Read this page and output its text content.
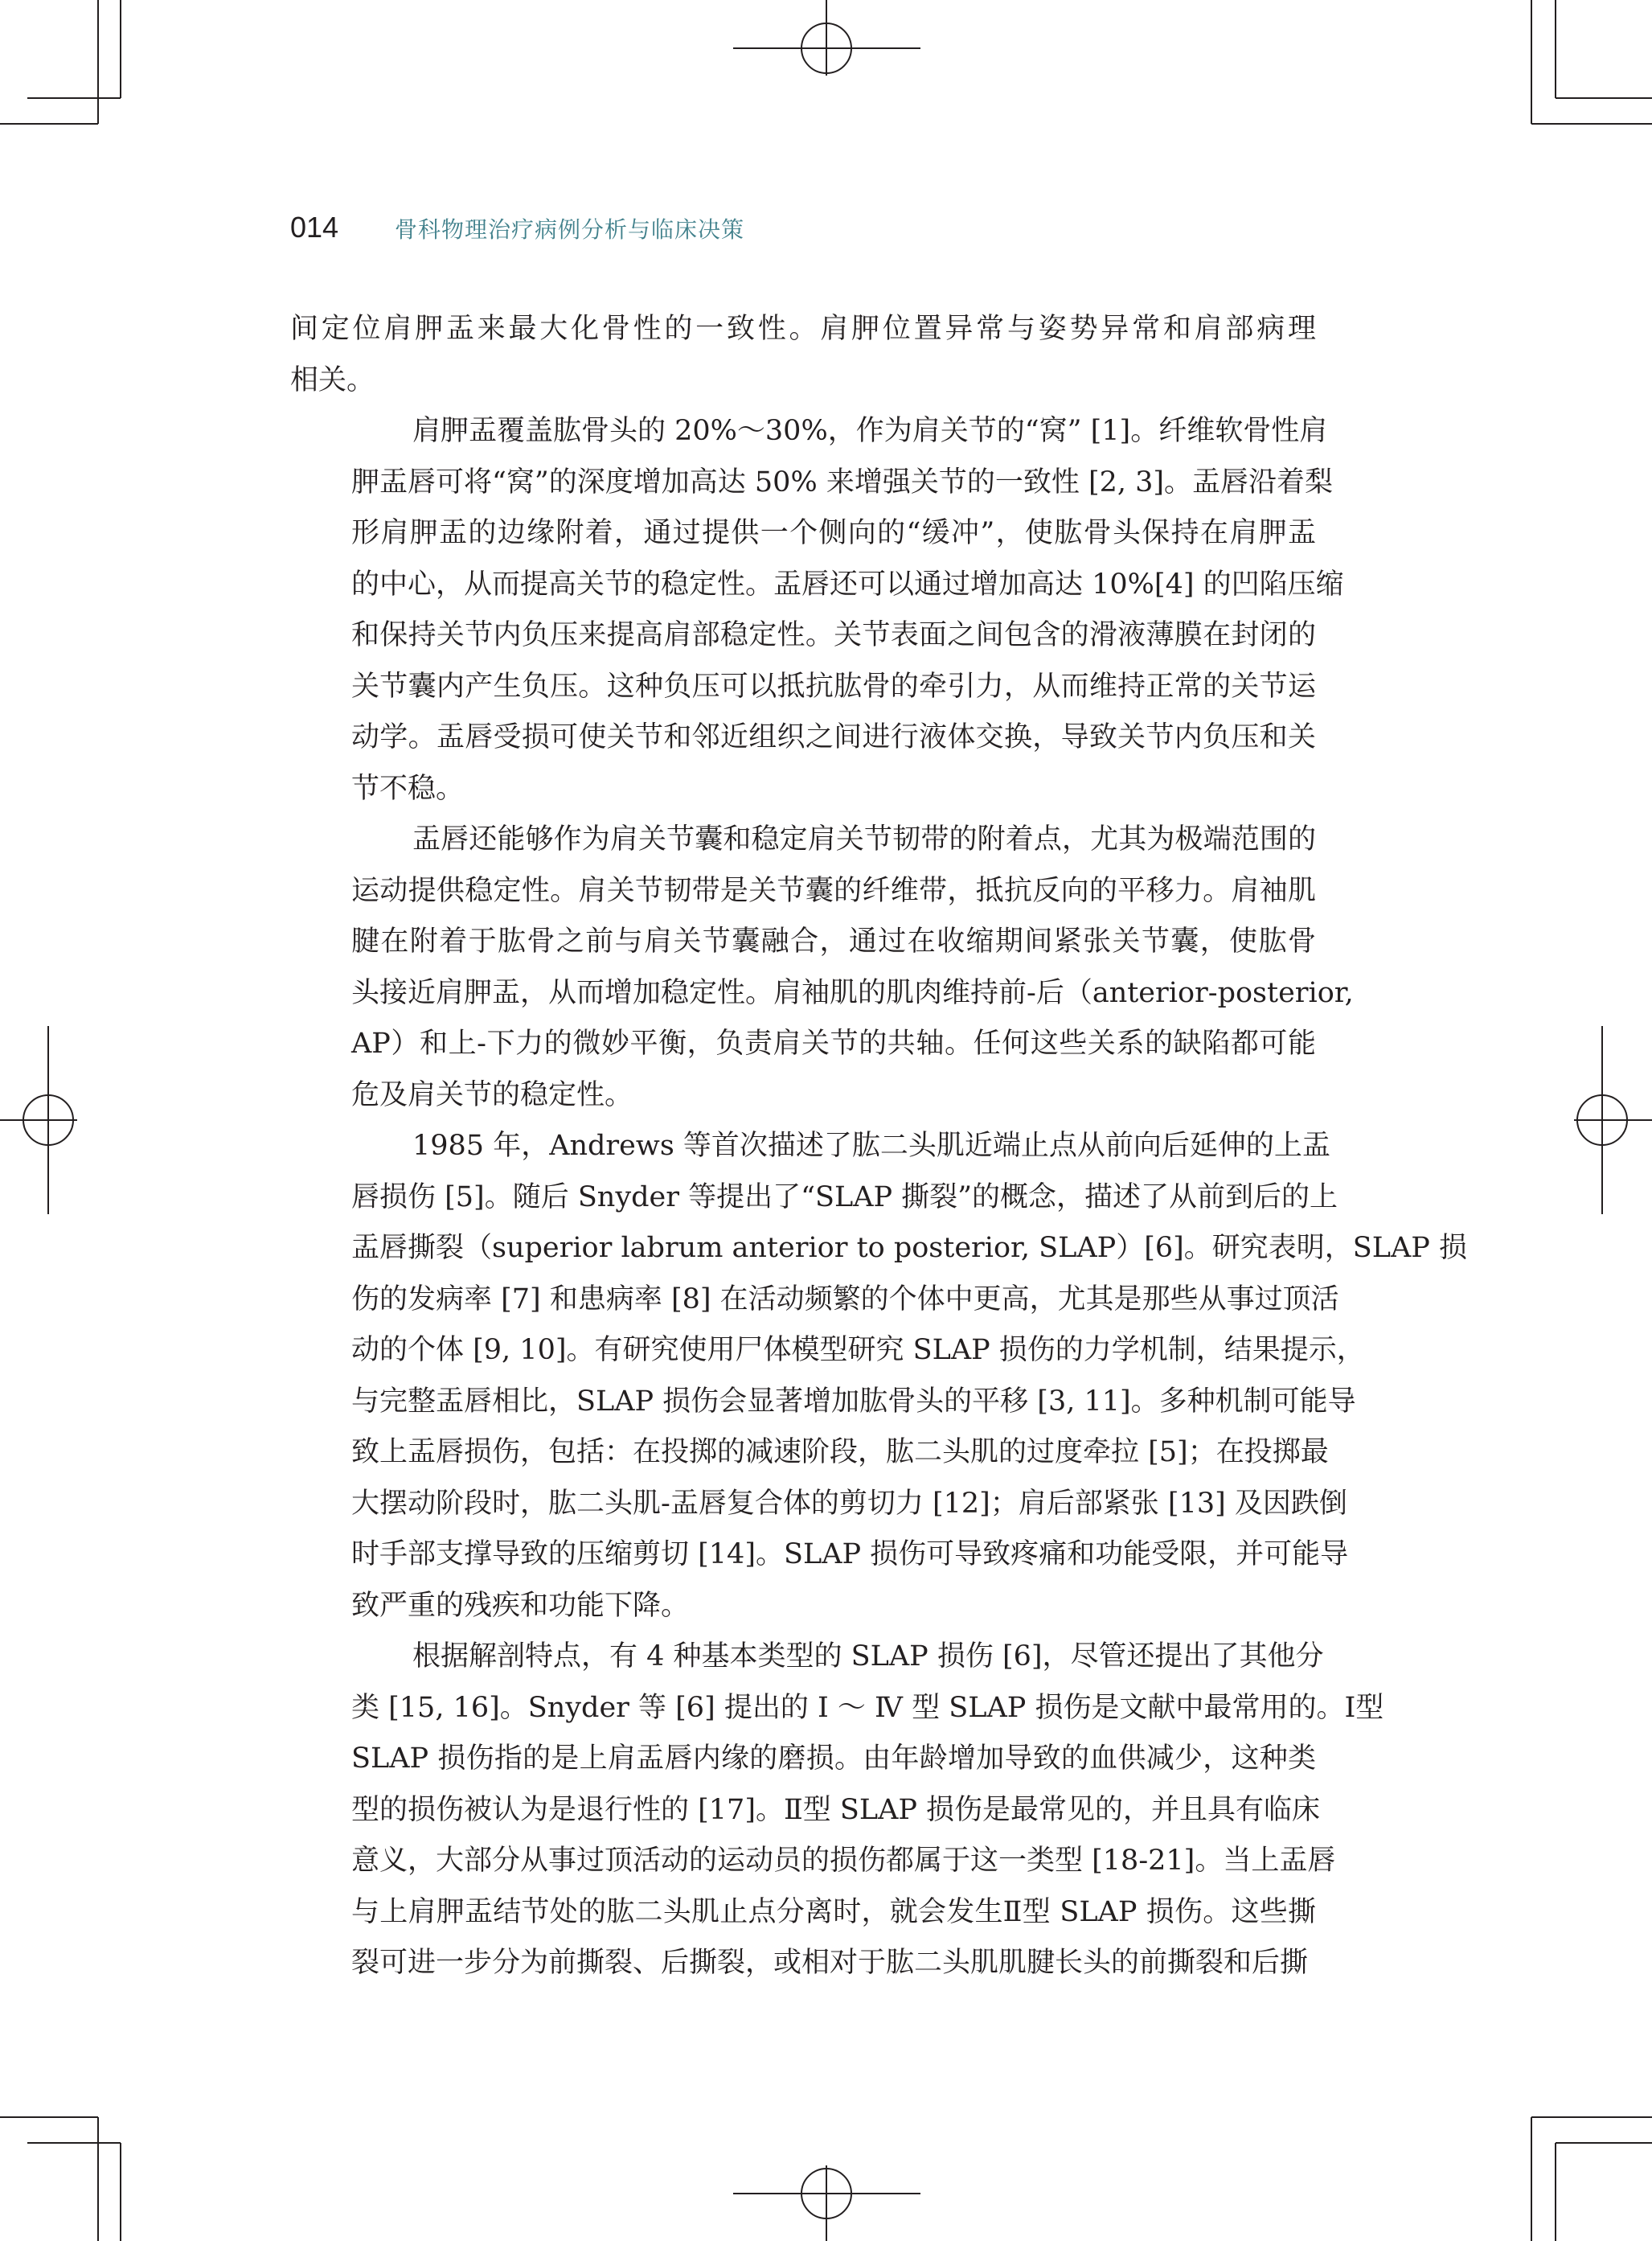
014	骨科物理治疗病例分析与临床决策
间定位肩胛盂来最大化骨性的一致性。肩胛位置异常与姿势异常和肩部病理
相关。
肩胛盂覆盖肱骨头的 20%～30%，作为肩关节的“窝” [1]。纤维软骨性肩
胛盂唇可将“窝”的深度增加高达 50% 来增强关节的一致性 [2, 3]。盂唇沿着梨
形肩胛盂的边缘附着，通过提供一个侧向的“缓冲”，使肱骨头保持在肩胛盂
的中心，从而提高关节的稳定性。盂唇还可以通过增加高达 10%[4] 的凹陷压缩
和保持关节内负压来提高肩部稳定性。关节表面之间包含的滑液薄膜在封闭的
关节囊内产生负压。这种负压可以抵抗肱骨的牵引力，从而维持正常的关节运
动学。盂唇受损可使关节和邻近组织之间进行液体交换，导致关节内负压和关
节不稳。
盂唇还能够作为肩关节囊和稳定肩关节韧带的附着点，尤其为极端范围的
运动提供稳定性。肩关节韧带是关节囊的纤维带，抵抗反向的平移力。肩袖肌
腱在附着于肱骨之前与肩关节囊融合，通过在收缩期间紧张关节囊，使肱骨
头接近肩胛盂，从而增加稳定性。肩袖肌的肌肉维持前-后（anterior-posterior,
AP）和上-下力的微妙平衡，负责肩关节的共轴。任何这些关系的缺陷都可能
危及肩关节的稳定性。
1985 年，Andrews 等首次描述了肱二头肌近端止点从前向后延伸的上盂
唇损伤 [5]。随后 Snyder 等提出了“SLAP 撕裂”的概念，描述了从前到后的上
盂唇撕裂（superior labrum anterior to posterior, SLAP）[6]。研究表明，SLAP 损
伤的发病率 [7] 和患病率 [8] 在活动频繁的个体中更高，尤其是那些从事过顶活
动的个体 [9, 10]。有研究使用尸体模型研究 SLAP 损伤的力学机制，结果提示，
与完整盂唇相比，SLAP 损伤会显著增加肱骨头的平移 [3, 11]。多种机制可能导
致上盂唇损伤，包括：在投掷的减速阶段，肱二头肌的过度牵拉 [5]；在投掷最
大摆动阶段时，肱二头肌-盂唇复合体的剪切力 [12]；肩后部紧张 [13] 及因跌倒
时手部支撑导致的压缩剪切 [14]。SLAP 损伤可导致疼痛和功能受限，并可能导
致严重的残疾和功能下降。
根据解剖特点，有 4 种基本类型的 SLAP 损伤 [6]，尽管还提出了其他分
类 [15, 16]。Snyder 等 [6] 提出的 Ⅰ ～ Ⅳ 型 SLAP 损伤是文献中最常用的。Ⅰ型
SLAP 损伤指的是上肩盂唇内缘的磨损。由年龄增加导致的血供减少，这种类
型的损伤被认为是退行性的 [17]。Ⅱ型 SLAP 损伤是最常见的，并且具有临床
意义，大部分从事过顶活动的运动员的损伤都属于这一类型 [18-21]。当上盂唇
与上肩胛盂结节处的肱二头肌止点分离时，就会发生Ⅱ型 SLAP 损伤。这些撕
裂可进一步分为前撕裂、后撕裂，或相对于肱二头肌肌腱长头的前撕裂和后撕
